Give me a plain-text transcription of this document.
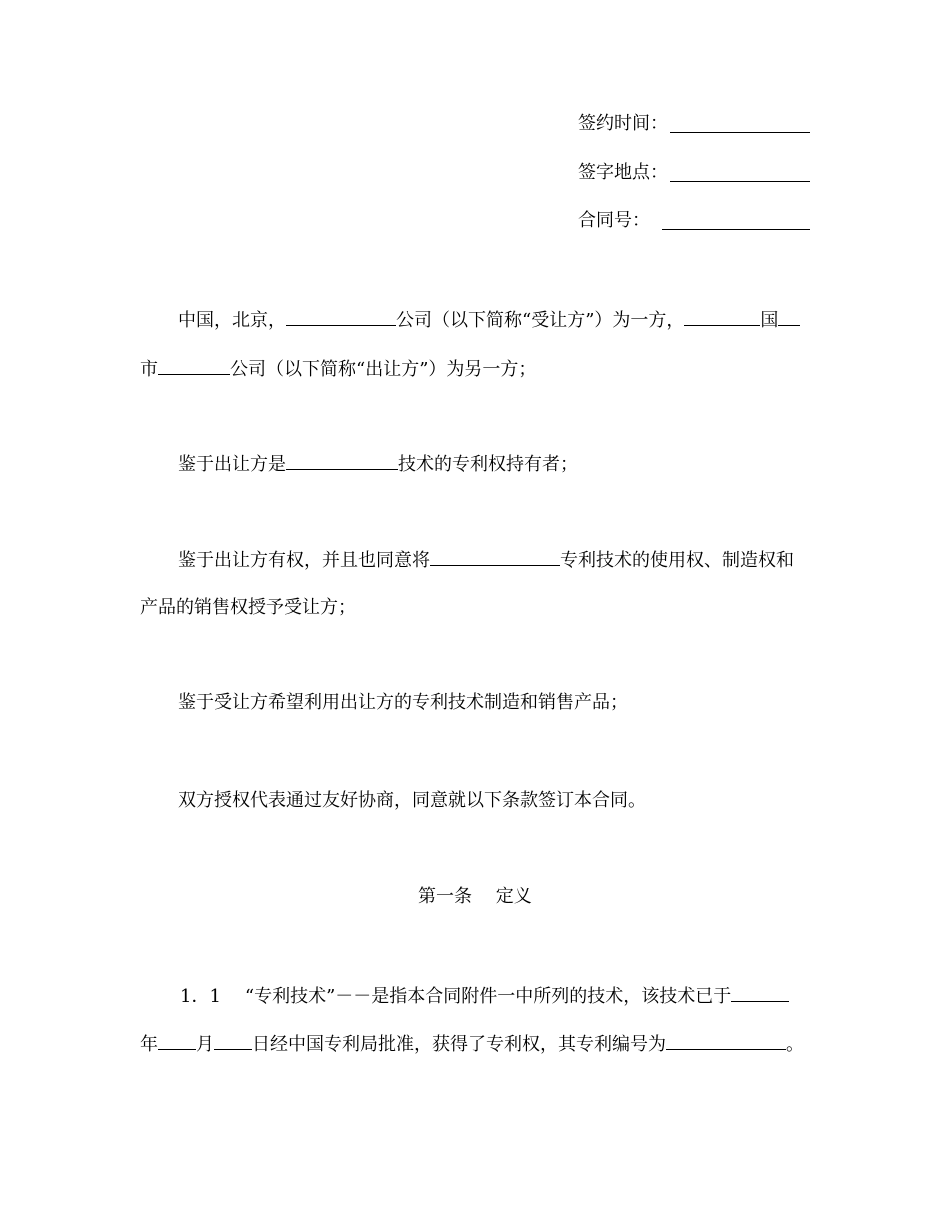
签约时间：
签字地点：
合同号：
中国，北京，	公司（以下简称“受让方”）为一方，	国
市	公司（以下简称“出让方”）为另一方；
鉴于出让方是	技术的专利权持有者；
鉴于出让方有权，并且也同意将	专利技术的使用权、制造权和
产品的销售权授予受让方；
鉴于受让方希望利用出让方的专利技术制造和销售产品；
双方授权代表通过友好协商，同意就以下条款签订本合同。
第一条　 定义
1．1 “专利技术”－－是指本合同附件一中所列的技术，该技术已于
年 月 日经中国专利局批准，获得了专利权，其专利编号为	。
